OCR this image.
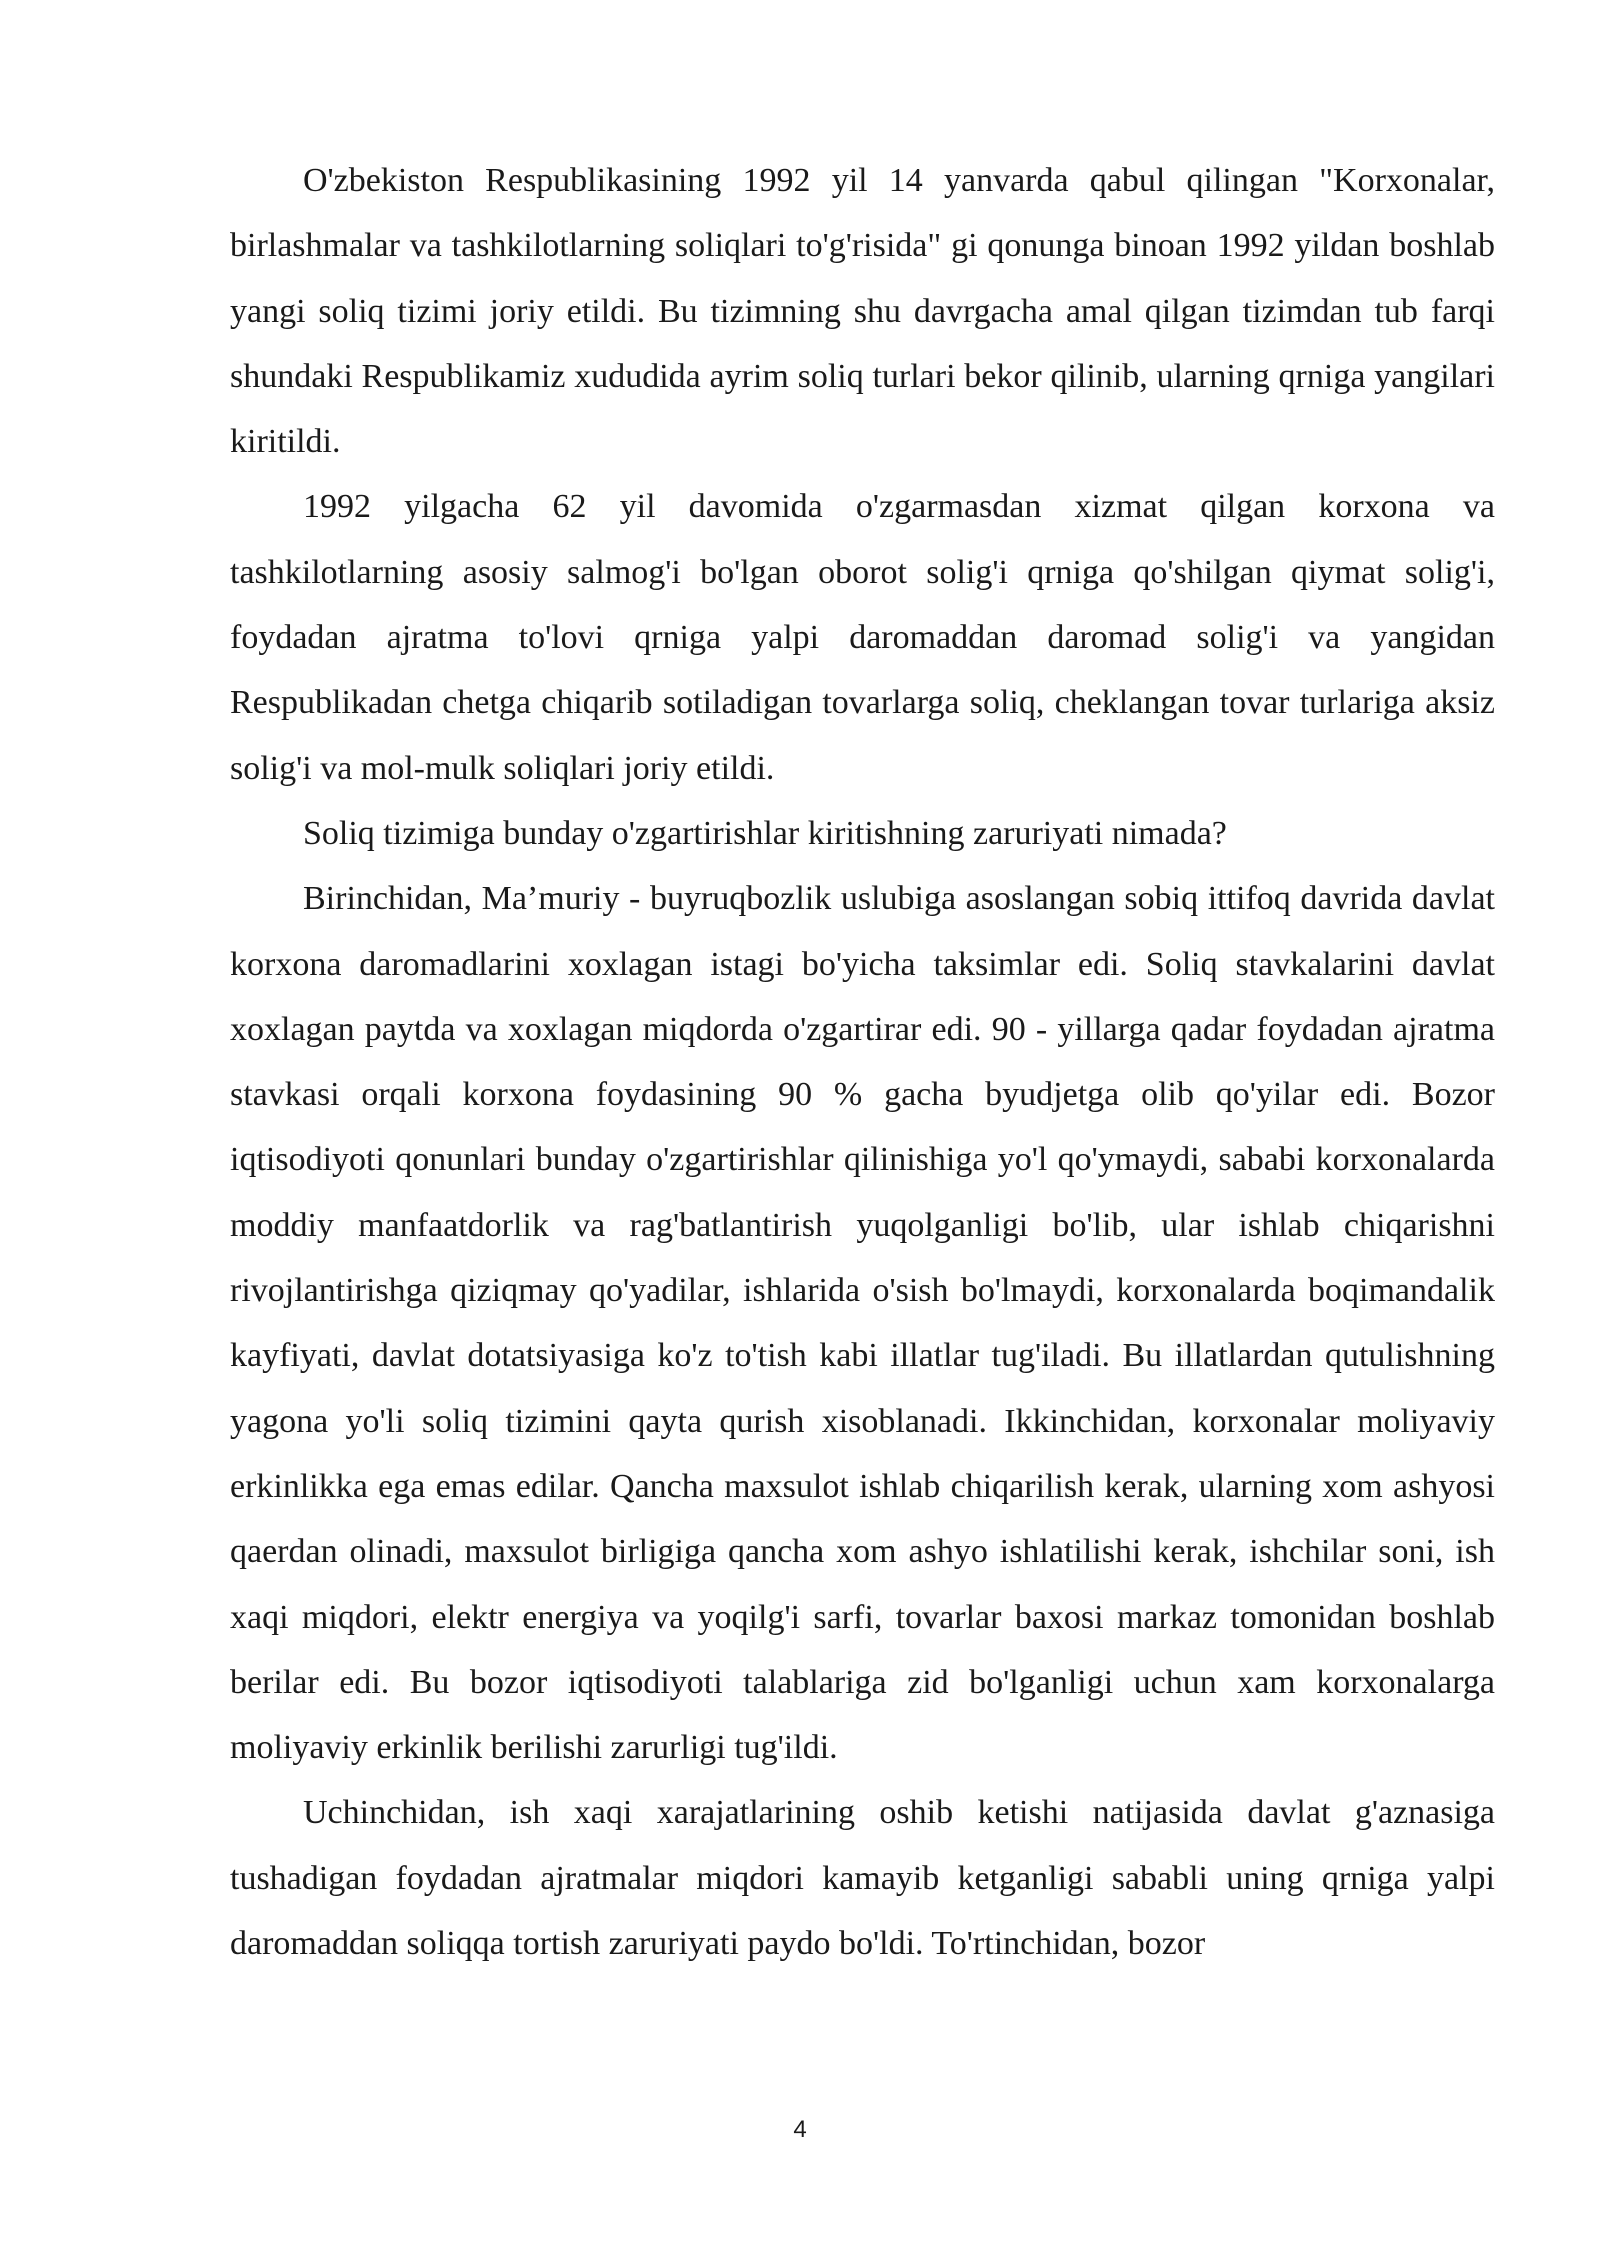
O'zbekiston Respublikasining 1992 yil 14 yanvarda qabul qilingan "Korxonalar, birlashmalar va tashkilotlarning soliqlari to'g'risida" gi qonunga binoan 1992 yildan boshlab yangi soliq tizimi joriy etildi. Bu tizimning shu davrgacha amal qilgan tizimdan tub farqi shundaki Respublikamiz xududida ayrim soliq turlari bekor qilinib, ularning qrniga yangilari kiritildi.

1992 yilgacha 62 yil davomida o'zgarmasdan xizmat qilgan korxona va tashkilotlarning asosiy salmog'i bo'lgan oborot solig'i qrniga qo'shilgan qiymat solig'i, foydadan ajratma to'lovi qrniga yalpi daromaddan daromad solig'i va yangidan Respublikadan chetga chiqarib sotiladigan tovarlarga soliq, cheklangan tovar turlariga aksiz solig'i va mol-mulk soliqlari joriy etildi.

Soliq tizimiga bunday o'zgartirishlar kiritishning zaruriyati nimada?

Birinchidan, Ma’muriy - buyruqbozlik uslubiga asoslangan sobiq ittifoq davrida davlat korxona daromadlarini xoxlagan istagi bo'yicha taksimlar edi. Soliq stavkalarini davlat xoxlagan paytda va xoxlagan miqdorda o'zgartirar edi. 90 - yillarga qadar foydadan ajratma stavkasi orqali korxona foydasining 90 % gacha byudjetga olib qo'yilar edi. Bozor iqtisodiyoti qonunlari bunday o'zgartirishlar qilinishiga yo'l qo'ymaydi, sababi korxonalarda moddiy manfaatdorlik va rag'batlantirish yuqolganligi bo'lib, ular ishlab chiqarishni rivojlantirishga qiziqmay qo'yadilar, ishlarida o'sish bo'lmaydi, korxonalarda boqimandalik kayfiyati, davlat dotatsiyasiga ko'z to'tish kabi illatlar tug'iladi. Bu illatlardan qutulishning yagona yo'li soliq tizimini qayta qurish xisoblanadi. Ikkinchidan, korxonalar moliyaviy erkinlikka ega emas edilar. Qancha maxsulot ishlab chiqarilish kerak, ularning xom ashyosi qaerdan olinadi, maxsulot birligiga qancha xom ashyo ishlatilishi kerak, ishchilar soni, ish xaqi miqdori, elektr energiya va yoqilg'i sarfi, tovarlar baxosi markaz tomonidan boshlab berilar edi. Bu bozor iqtisodiyoti talablariga zid bo'lganligi uchun xam korxonalarga moliyaviy erkinlik berilishi zarurligi tug'ildi.

Uchinchidan, ish xaqi xarajatlarining oshib ketishi natijasida davlat g'aznasiga tushadigan foydadan ajratmalar miqdori kamayib ketganligi sababli uning qrniga yalpi daromaddan soliqqa tortish zaruriyati paydo bo'ldi. To'rtinchidan, bozor

4
